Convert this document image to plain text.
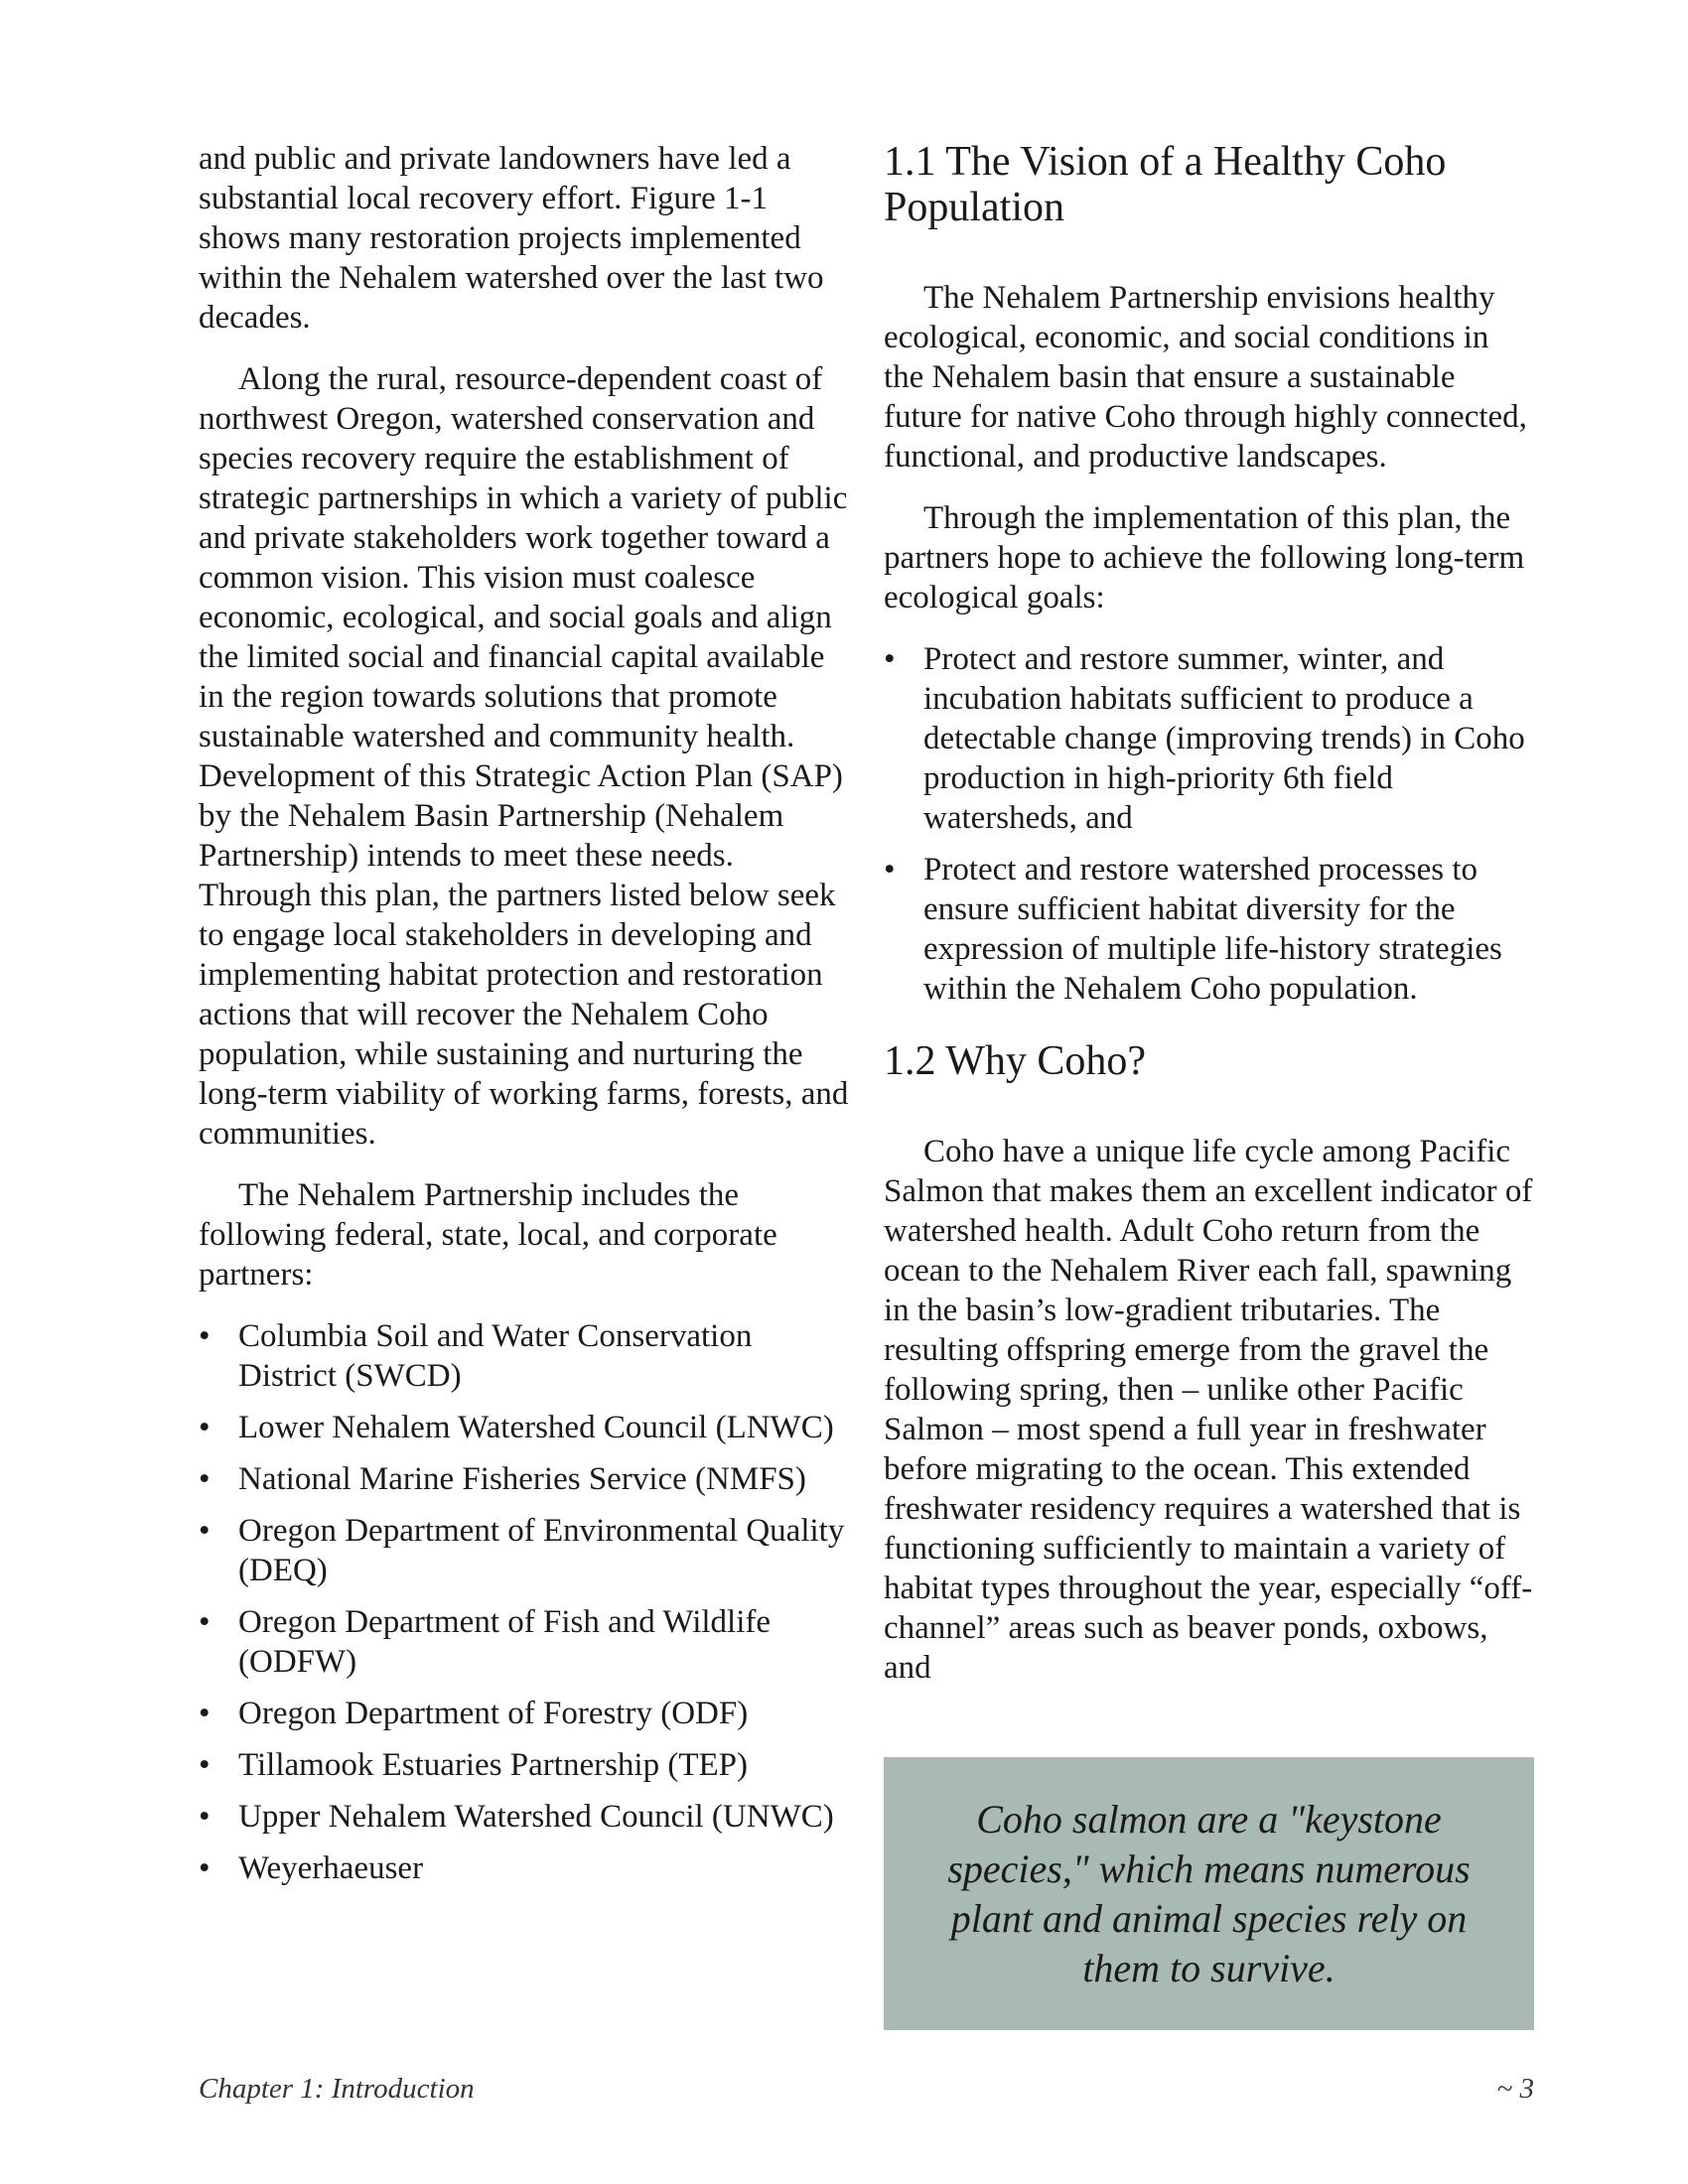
and public and private landowners have led a substantial local recovery effort. Figure 1-1 shows many restoration projects implemented within the Nehalem watershed over the last two decades.

Along the rural, resource-dependent coast of northwest Oregon, watershed conservation and species recovery require the establishment of strategic partnerships in which a variety of public and private stakeholders work together toward a common vision. This vision must coalesce economic, ecological, and social goals and align the limited social and financial capital available in the region towards solutions that promote sustainable watershed and community health. Development of this Strategic Action Plan (SAP) by the Nehalem Basin Partnership (Nehalem Partnership) intends to meet these needs. Through this plan, the partners listed below seek to engage local stakeholders in developing and implementing habitat protection and restoration actions that will recover the Nehalem Coho population, while sustaining and nurturing the long-term viability of working farms, forests, and communities.

The Nehalem Partnership includes the following federal, state, local, and corporate partners:

• Columbia Soil and Water Conservation District (SWCD)
• Lower Nehalem Watershed Council (LNWC)
• National Marine Fisheries Service (NMFS)
• Oregon Department of Environmental Quality (DEQ)
• Oregon Department of Fish and Wildlife (ODFW)
• Oregon Department of Forestry (ODF)
• Tillamook Estuaries Partnership (TEP)
• Upper Nehalem Watershed Council (UNWC)
• Weyerhaeuser
1.1 The Vision of a Healthy Coho Population

The Nehalem Partnership envisions healthy ecological, economic, and social conditions in the Nehalem basin that ensure a sustainable future for native Coho through highly connected, functional, and productive landscapes.

Through the implementation of this plan, the partners hope to achieve the following long-term ecological goals:

• Protect and restore summer, winter, and incubation habitats sufficient to produce a detectable change (improving trends) in Coho production in high-priority 6th field watersheds, and
• Protect and restore watershed processes to ensure sufficient habitat diversity for the expression of multiple life-history strategies within the Nehalem Coho population.
1.2 Why Coho?

Coho have a unique life cycle among Pacific Salmon that makes them an excellent indicator of watershed health. Adult Coho return from the ocean to the Nehalem River each fall, spawning in the basin’s low-gradient tributaries. The resulting offspring emerge from the gravel the following spring, then – unlike other Pacific Salmon – most spend a full year in freshwater before migrating to the ocean. This extended freshwater residency requires a watershed that is functioning sufficiently to maintain a variety of habitat types throughout the year, especially “off-channel” areas such as beaver ponds, oxbows, and

Coho salmon are a "keystone species," which means numerous plant and animal species rely on them to survive.
Chapter 1: Introduction	~ 3
